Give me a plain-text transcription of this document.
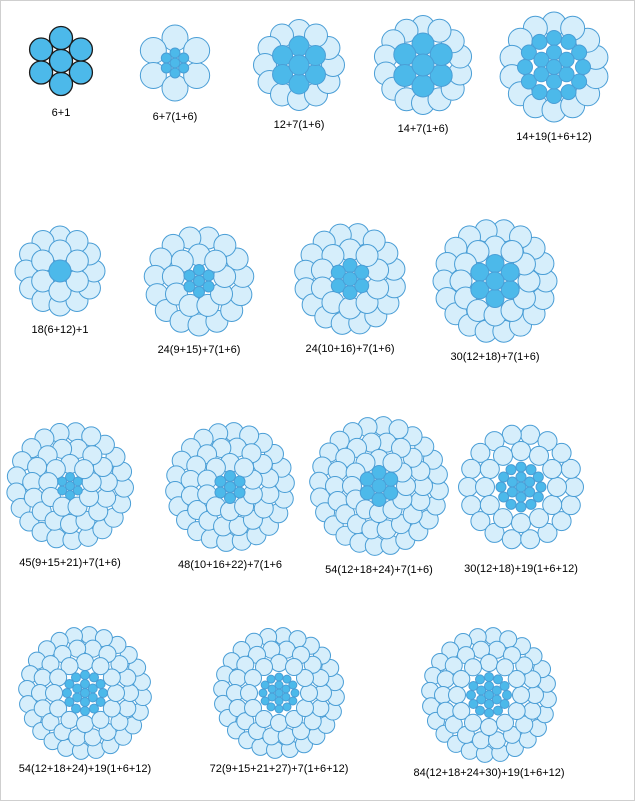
6+1	6+7(1+6)
12+7(1+6)	14+7(1+6)
14+19(1+6+12)
18(6+12)+1
24(9+15)+7(1+6)	24(10+16)+7(1+6)
30(12+18)+7(1+6)
45(9+15+21)+7(1+6)	48(10+16+22)+7(1+6	54(12+18+24)+7(1+6)	30(12+18)+19(1+6+12)
54(12+18+24)+19(1+6+12)	72(9+15+21+27)+7(1+6+12)	84(12+18+24+30)+19(1+6+12)
